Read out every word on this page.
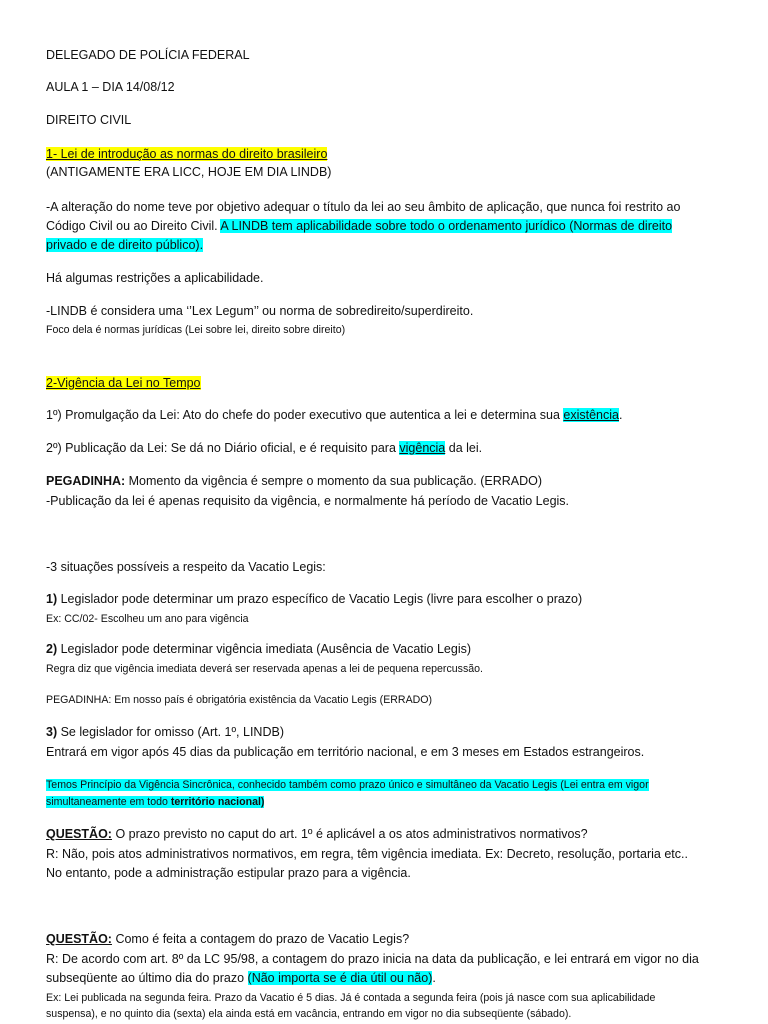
DELEGADO DE POLÍCIA FEDERAL
AULA 1 – DIA 14/08/12
DIREITO CIVIL
1- Lei de introdução as normas do direito brasileiro
(ANTIGAMENTE ERA LICC, HOJE EM DIA LINDB)
-A alteração do nome teve por objetivo adequar o título da lei ao seu âmbito de aplicação, que nunca foi restrito ao
Código Civil ou ao Direito Civil. A LINDB tem aplicabilidade sobre todo o ordenamento jurídico (Normas de direito
privado e de direito público).
Há algumas restrições a aplicabilidade.
-LINDB é considera uma ‘’Lex Legum’’ ou norma de sobredireito/superdireito.
Foco dela é normas jurídicas (Lei sobre lei, direito sobre direito)
2-Vigência da Lei no Tempo
1º) Promulgação da Lei: Ato do chefe do poder executivo que autentica a lei e determina sua existência.
2º) Publicação da Lei: Se dá no Diário oficial, e é requisito para vigência da lei.
PEGADINHA: Momento da vigência é sempre o momento da sua publicação. (ERRADO)
-Publicação da lei é apenas requisito da vigência, e normalmente há período de Vacatio Legis.
-3 situações possíveis a respeito da Vacatio Legis:
1) Legislador pode determinar um prazo específico de Vacatio Legis (livre para escolher o prazo)
Ex: CC/02- Escolheu um ano para vigência
2) Legislador pode determinar vigência imediata (Ausência de Vacatio Legis)
Regra diz que vigência imediata deverá ser reservada apenas a lei de pequena repercussão.
PEGADINHA: Em nosso país é obrigatória existência da Vacatio Legis (ERRADO)
3) Se legislador for omisso (Art. 1º, LINDB)
Entrará em vigor após 45 dias da publicação em território nacional, e em 3 meses em Estados estrangeiros.
Temos Princípio da Vigência Sincrônica, conhecido também como prazo único e simultâneo da Vacatio Legis (Lei entra em vigor
simultaneamente em todo território nacional)
QUESTÃO: O prazo previsto no caput do art. 1º é aplicável a os atos administrativos normativos?
R: Não, pois atos administrativos normativos, em regra, têm vigência imediata. Ex: Decreto, resolução, portaria etc..
No entanto, pode a administração estipular prazo para a vigência.
QUESTÃO: Como é feita a contagem do prazo de Vacatio Legis?
R: De acordo com art. 8º da LC 95/98, a contagem do prazo inicia na data da publicação, e lei entrará em vigor no dia
subseqüente ao último dia do prazo (Não importa se é dia útil ou não).
Ex: Lei publicada na segunda feira. Prazo da Vacatio é 5 dias. Já é contada a segunda feira (pois já nasce com sua aplicabilidade
suspensa), e no quinto dia (sexta) ela ainda está em vacância, entrando em vigor no dia subseqüente (sábado).
